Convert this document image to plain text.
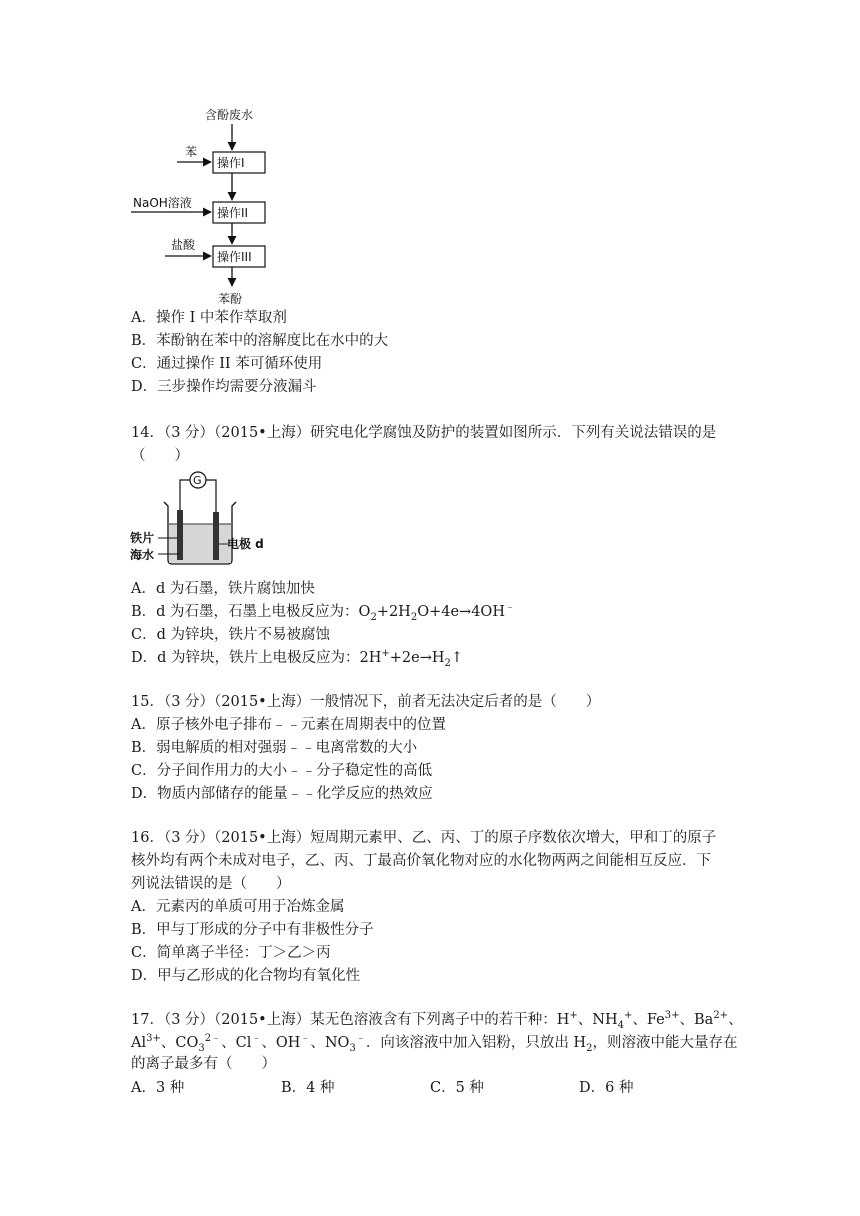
含酚废水
苯
操作I
NaOH溶液
操作II
盐酸
操作III
苯酚
A．操作 I 中苯作萃取剂
B．苯酚钠在苯中的溶解度比在水中的大
C．通过操作 II 苯可循环使用
D．三步操作均需要分液漏斗
14．（3 分）（2015•上海）研究电化学腐蚀及防护的装置如图所示．下列有关说法错误的是
（　　）
G
铁片
海水
电极 d
A．d 为石墨，铁片腐蚀加快
B．d 为石墨，石墨上电极反应为：$O_2+2H_2O+4e\to 4OH^﹣$
C．d 为锌块，铁片不易被腐蚀
D．d 为锌块，铁片上电极反应为：$2H^++2e\to H_2↑$
15．（3 分）（2015•上海）一般情况下，前者无法决定后者的是（　　）
A．原子核外电子排布﹣﹣元素在周期表中的位置
B．弱电解质的相对强弱﹣﹣电离常数的大小
C．分子间作用力的大小﹣﹣分子稳定性的高低
D．物质内部储存的能量﹣﹣化学反应的热效应
16．（3 分）（2015•上海）短周期元素甲、乙、丙、丁的原子序数依次增大，甲和丁的原子
核外均有两个未成对电子，乙、丙、丁最高价氧化物对应的水化物两两之间能相互反应．下
列说法错误的是（　　）
A．元素丙的单质可用于冶炼金属
B．甲与丁形成的分子中有非极性分子
C．简单离子半径：丁＞乙＞丙
D．甲与乙形成的化合物均有氧化性
17．（3 分）（2015•上海）某无色溶液含有下列离子中的若干种：H+、$NH_4^+$、$Fe^{3+}$、$Ba^{2+}$、
$Al^{3+}$、$CO_3^{2﹣}$、Cl﹣、OH﹣、$NO_3^﹣$．向该溶液中加入铝粉，只放出 $H_2$，则溶液中能大量存在
的离子最多有（　　）
A．3 种	B．4 种	C．5 种	D．6 种
